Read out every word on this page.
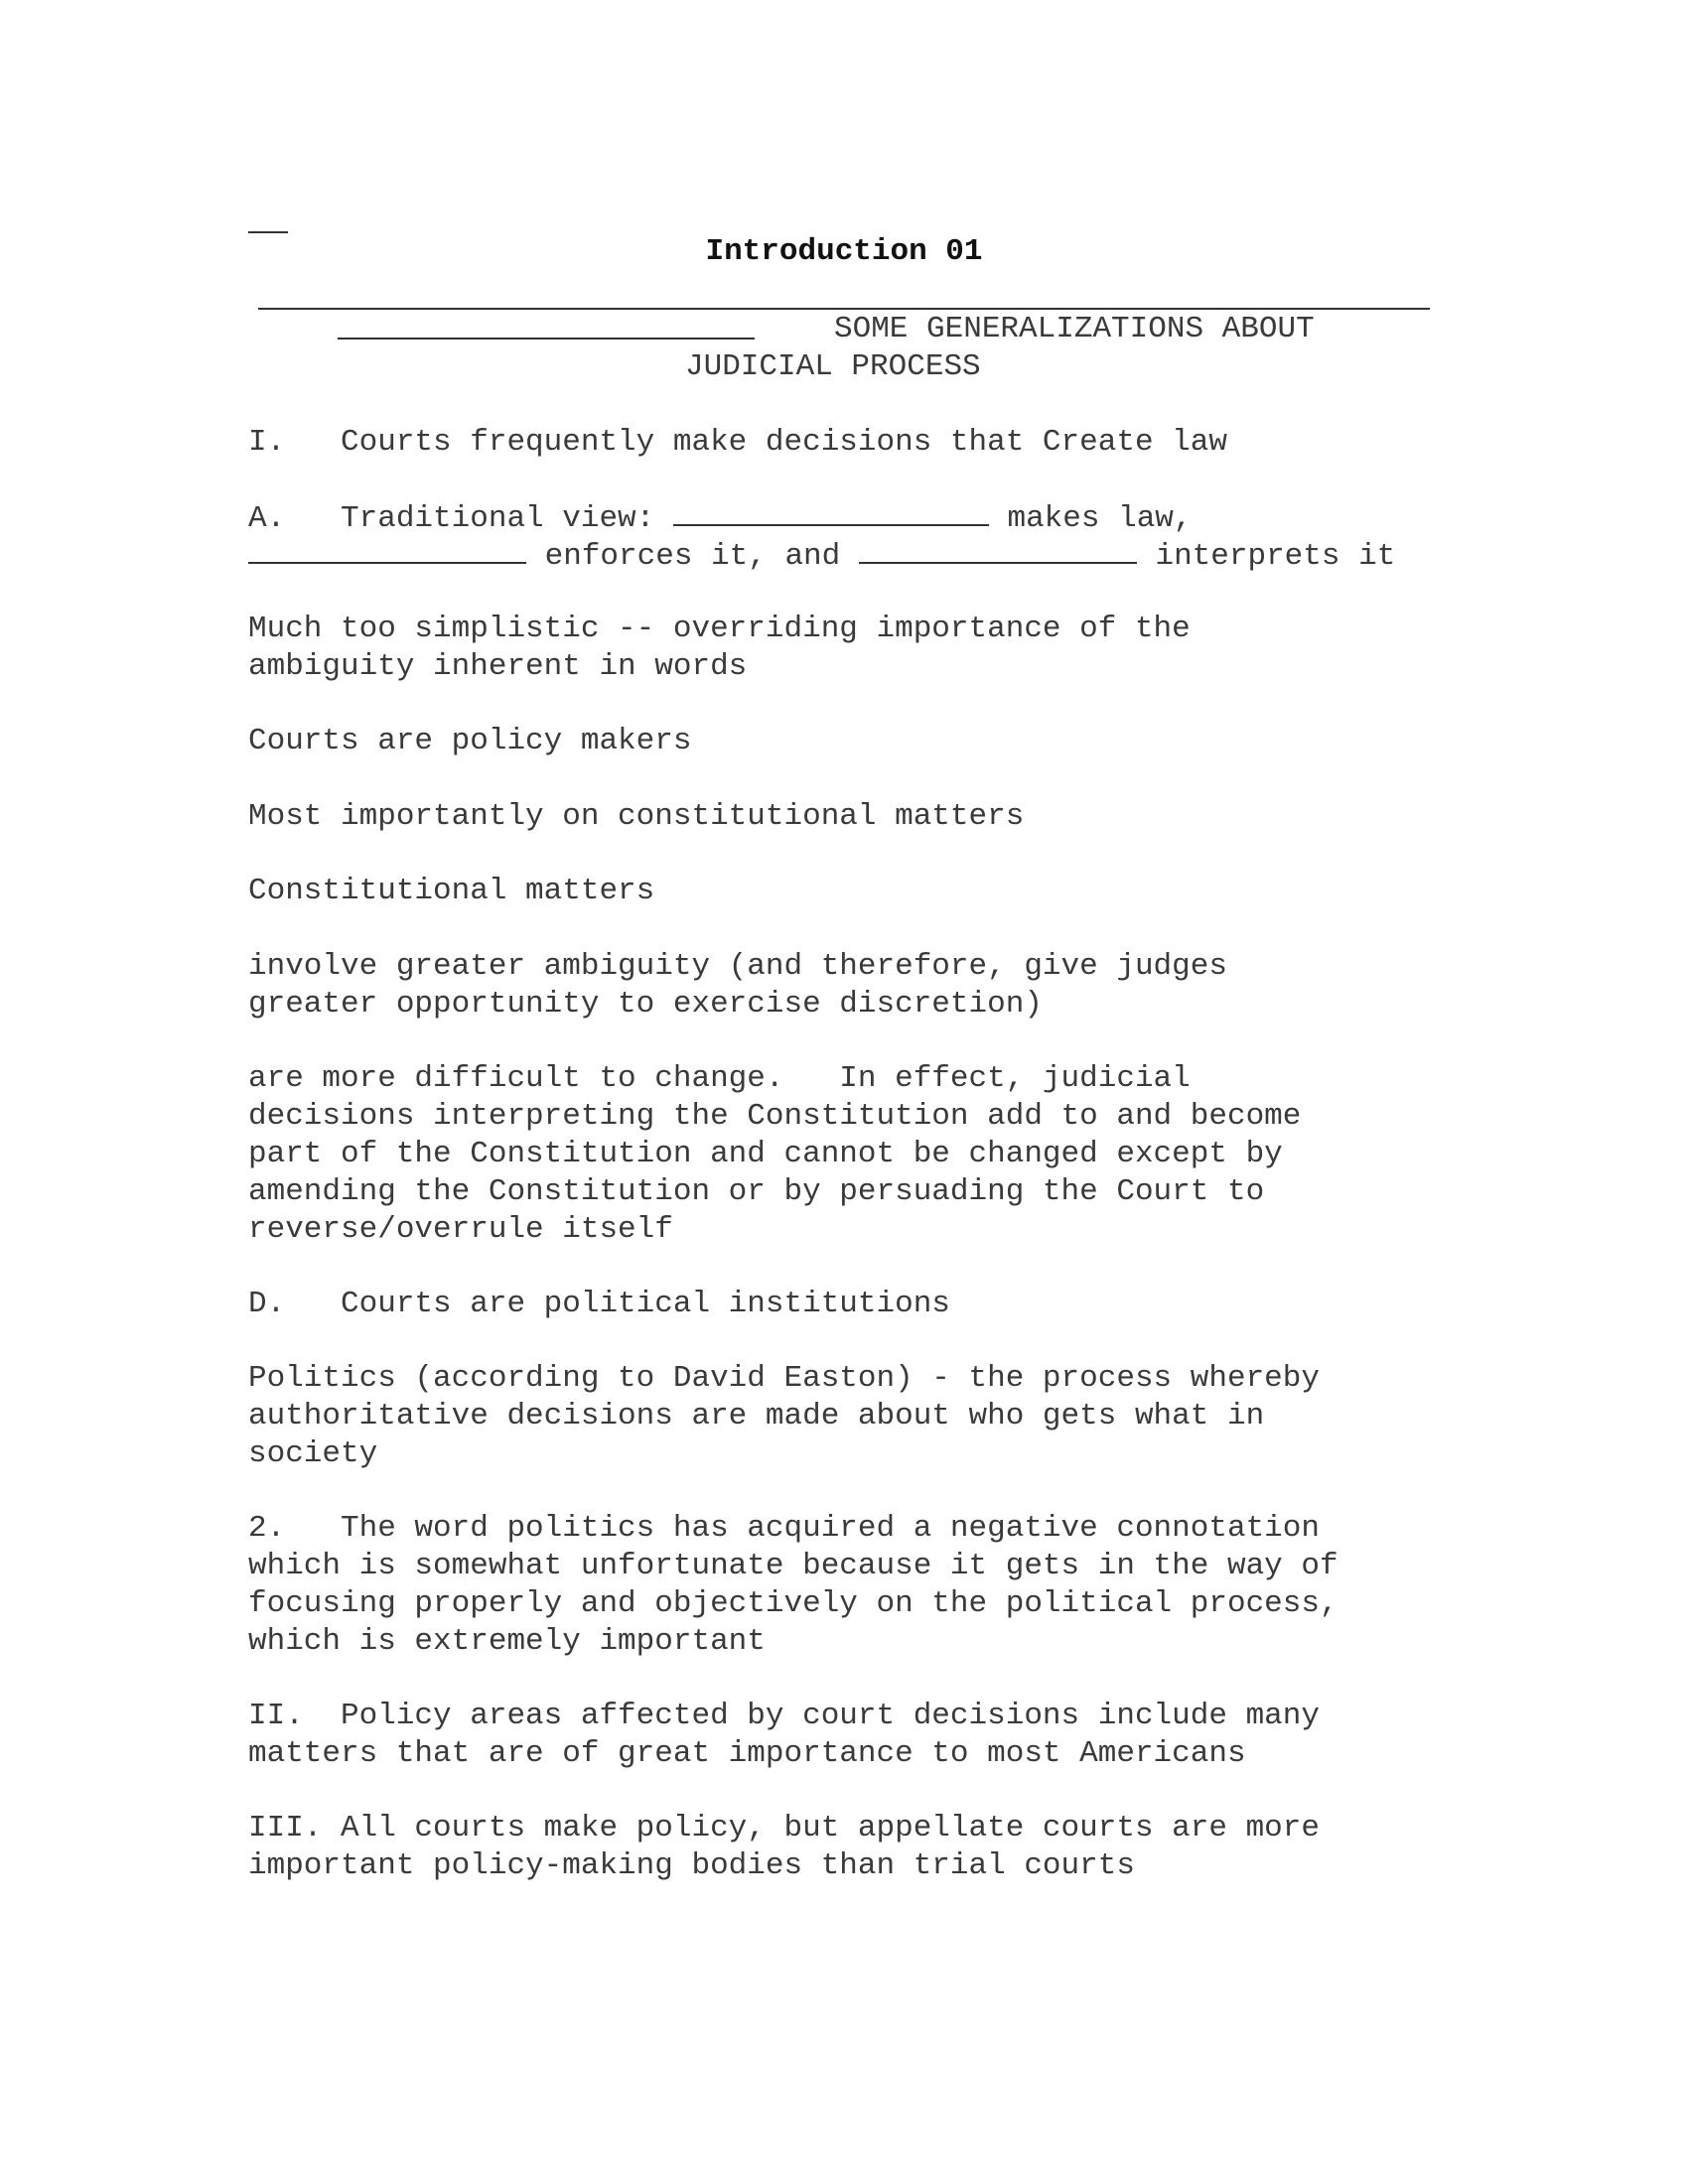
Introduction 01
SOME GENERALIZATIONS ABOUT
JUDICIAL PROCESS
I.   Courts frequently make decisions that Create law
A.   Traditional view:	makes law,
enforces it, and	interprets it
Much too simplistic -- overriding importance of the
ambiguity inherent in words
Courts are policy makers
Most importantly on constitutional matters
Constitutional matters
involve greater ambiguity (and therefore, give judges
greater opportunity to exercise discretion)
are more difficult to change.   In effect, judicial
decisions interpreting the Constitution add to and become
part of the Constitution and cannot be changed except by
amending the Constitution or by persuading the Court to
reverse/overrule itself
D.   Courts are political institutions
Politics (according to David Easton) - the process whereby
authoritative decisions are made about who gets what in
society
2.   The word politics has acquired a negative connotation
which is somewhat unfortunate because it gets in the way of
focusing properly and objectively on the political process,
which is extremely important
II.  Policy areas affected by court decisions include many
matters that are of great importance to most Americans
III. All courts make policy, but appellate courts are more
important policy-making bodies than trial courts
